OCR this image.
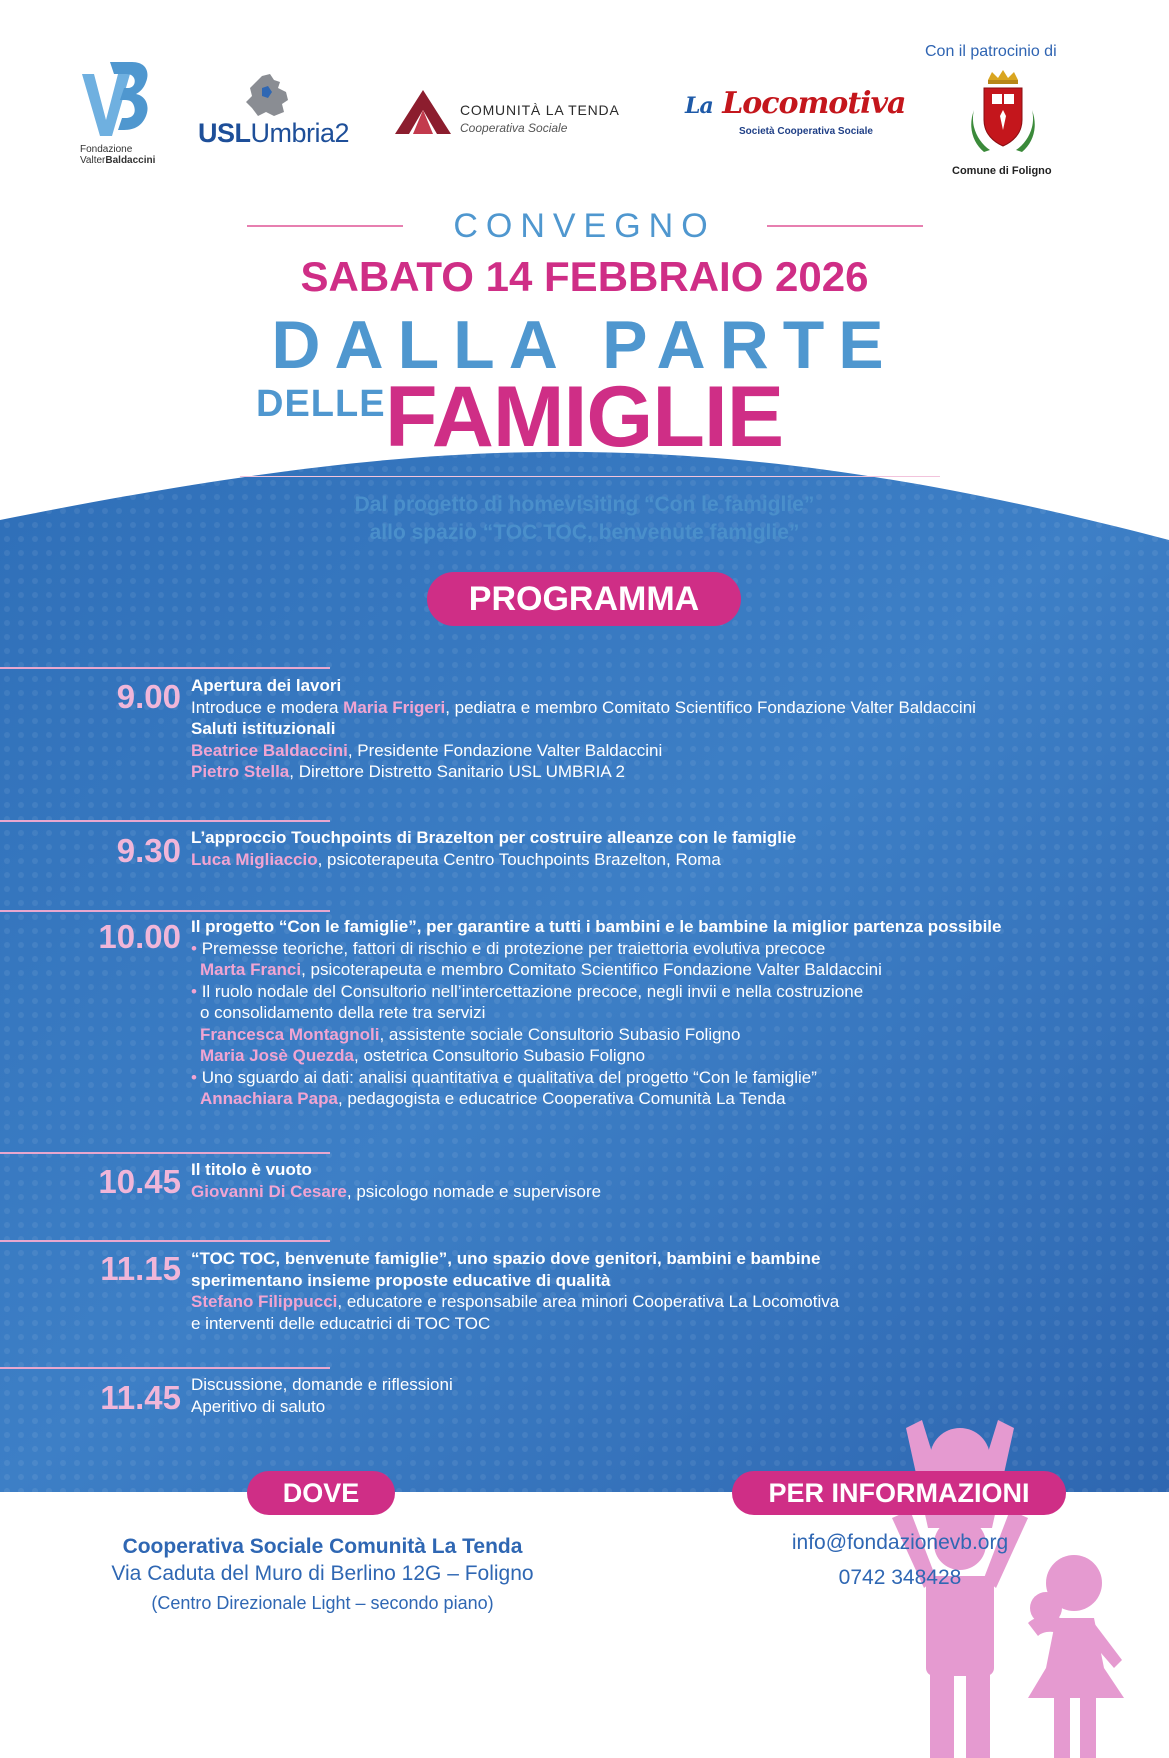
Fondazione
ValterBaldaccini
USLUmbria2
COMUNITÀ LA TENDA
Cooperativa Sociale
La Locomotiva
Società Cooperativa Sociale
Con il patrocinio di
Comune di Foligno
CONVEGNO
SABATO 14 FEBBRAIO 2026
DALLA PARTE
DELLE FAMIGLIE
Dal progetto di homevisiting “Con le famiglie”
allo spazio “TOC TOC, benvenute famiglie”
PROGRAMMA
9.00 Apertura dei lavori
Introduce e modera Maria Frigeri, pediatra e membro Comitato Scientifico Fondazione Valter Baldaccini
Saluti istituzionali
Beatrice Baldaccini, Presidente Fondazione Valter Baldaccini
Pietro Stella, Direttore Distretto Sanitario USL UMBRIA 2
9.30 L’approccio Touchpoints di Brazelton per costruire alleanze con le famiglie
Luca Migliaccio, psicoterapeuta Centro Touchpoints Brazelton, Roma
10.00 Il progetto “Con le famiglie”, per garantire a tutti i bambini e le bambine la miglior partenza possibile
• Premesse teoriche, fattori di rischio e di protezione per traiettoria evolutiva precoce
Marta Franci, psicoterapeuta e membro Comitato Scientifico Fondazione Valter Baldaccini
• Il ruolo nodale del Consultorio nell’intercettazione precoce, negli invii e nella costruzione
o consolidamento della rete tra servizi
Francesca Montagnoli, assistente sociale Consultorio Subasio Foligno
Maria Josè Quezda, ostetrica Consultorio Subasio Foligno
• Uno sguardo ai dati: analisi quantitativa e qualitativa del progetto “Con le famiglie”
Annachiara Papa, pedagogista e educatrice Cooperativa Comunità La Tenda
10.45 Il titolo è vuoto
Giovanni Di Cesare, psicologo nomade e supervisore
11.15 “TOC TOC, benvenute famiglie”, uno spazio dove genitori, bambini e bambine
sperimentano insieme proposte educative di qualità
Stefano Filippucci, educatore e responsabile area minori Cooperativa La Locomotiva
e interventi delle educatrici di TOC TOC
11.45 Discussione, domande e riflessioni
Aperitivo di saluto
DOVE	PER INFORMAZIONI
Cooperativa Sociale Comunità La Tenda
Via Caduta del Muro di Berlino 12G – Foligno
(Centro Direzionale Light – secondo piano)
info@fondazionevb.org
0742 348428
